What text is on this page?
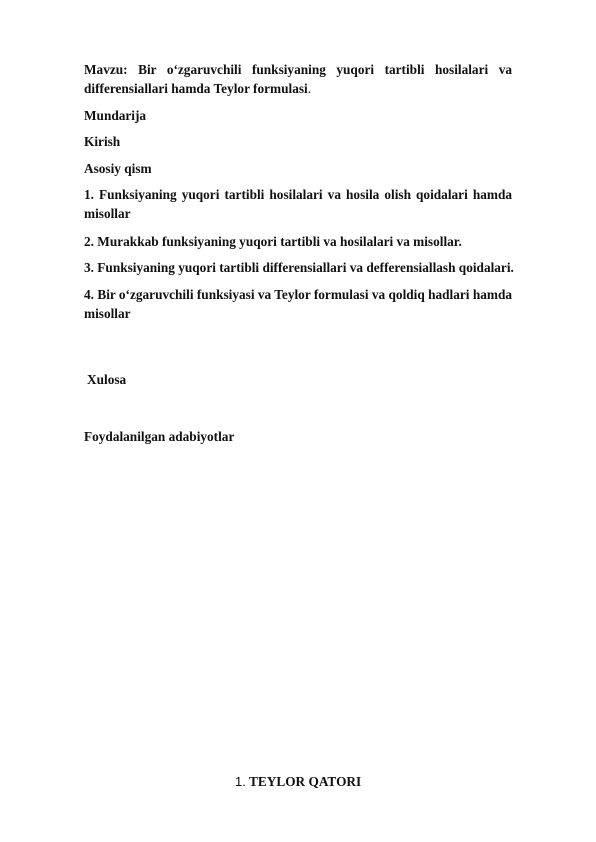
Mavzu: Bir o‘zgaruvchili funksiyaning yuqori tartibli hosilalari va differensiallari hamda Teylor formulasi.

Mundarija

Kirish

Asosiy qism

1. Funksiyaning yuqori tartibli hosilalari va hosila olish qoidalari hamda misollar

2. Murakkab funksiyaning yuqori tartibli va hosilalari va misollar.

3. Funksiyaning yuqori tartibli differensiallari va defferensiallash qoidalari.

4. Bir o‘zgaruvchili funksiyasi va Teylor formulasi va qoldiq hadlari hamda misollar

Xulosa

Foydalanilgan adabiyotlar

1. TEYLOR QATORI
